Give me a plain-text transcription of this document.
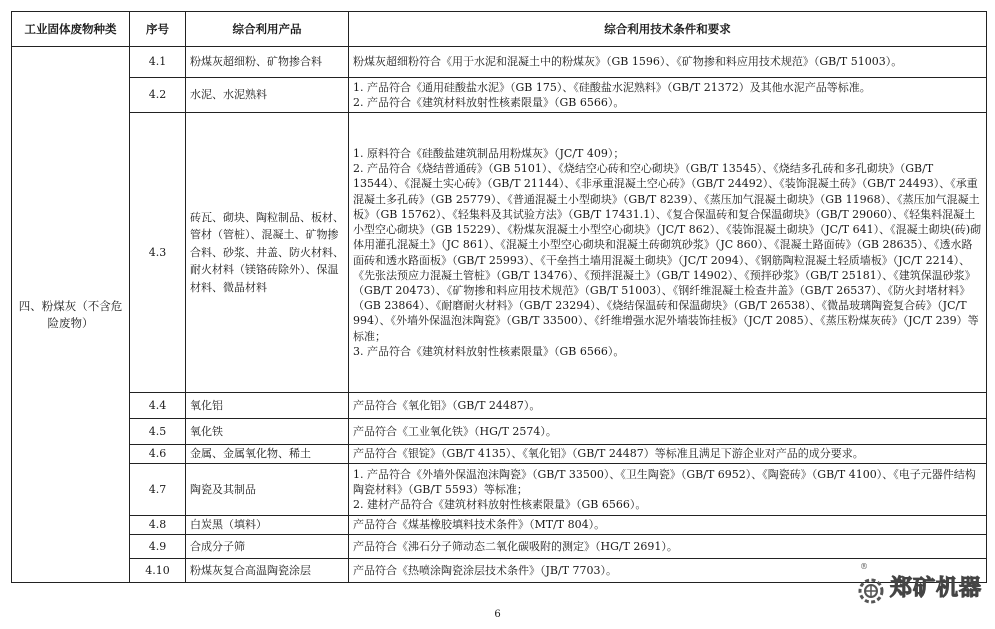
工业固体废物种类	序号	综合利用产品	综合利用技术条件和要求
四、粉煤灰（不含危险废物）	4.1	粉煤灰超细粉、矿物掺合料	粉煤灰超细粉符合《用于水泥和混凝土中的粉煤灰》（GB 1596）、《矿物掺和料应用技术规范》（GB/T 51003）。

	4.2	水泥、水泥熟料	1. 产品符合《通用硅酸盐水泥》（GB 175）、《硅酸盐水泥熟料》（GB/T 21372）及其他水泥产品等标准。
2. 产品符合《建筑材料放射性核素限量》（GB 6566）。

	4.3	砖瓦、砌块、陶粒制品、板材、管材（管桩）、混凝土、矿物掺合料、砂浆、井盖、防火材料、耐火材料（镁铬砖除外）、保温材料、微晶材料	1. 原料符合《硅酸盐建筑制品用粉煤灰》（JC/T 409）；
2. 产品符合《烧结普通砖》（GB 5101）、《烧结空心砖和空心砌块》（GB/T 13545）、《烧结多孔砖和多孔砌块》（GB/T 13544）、《混凝土实心砖》（GB/T 21144）、《非承重混凝土空心砖》（GB/T 24492）、《装饰混凝土砖》（GB/T 24493）、《承重混凝土多孔砖》（GB 25779）、《普通混凝土小型砌块》（GB/T 8239）、《蒸压加气混凝土砌块》（GB 11968）、《蒸压加气混凝土板》（GB 15762）、《轻集料及其试验方法》（GB/T 17431.1）、《复合保温砖和复合保温砌块》（GB/T 29060）、《轻集料混凝土小型空心砌块》（GB 15229）、《粉煤灰混凝土小型空心砌块》（JC/T 862）、《装饰混凝土砌块》（JC/T 641）、《混凝土砌块(砖)砌体用灌孔混凝土》（JC 861）、《混凝土小型空心砌块和混凝土砖砌筑砂浆》（JC 860）、《混凝土路面砖》（GB 28635）、《透水路面砖和透水路面板》（GB/T 25993）、《干垒挡土墙用混凝土砌块》（JC/T 2094）、《钢筋陶粒混凝土轻质墙板》（JC/T 2214）、《先张法预应力混凝土管桩》（GB/T 13476）、《预拌混凝土》（GB/T 14902）、《预拌砂浆》（GB/T 25181）、《建筑保温砂浆》（GB/T 20473）、《矿物掺和料应用技术规范》（GB/T 51003）、《钢纤维混凝土检查井盖》（GB/T 26537）、《防火封堵材料》（GB 23864）、《耐磨耐火材料》（GB/T 23294）、《烧结保温砖和保温砌块》（GB/T 26538）、《微晶玻璃陶瓷复合砖》（JC/T 994）、《外墙外保温泡沫陶瓷》（GB/T 33500）、《纤维增强水泥外墙装饰挂板》（JC/T 2085）、《蒸压粉煤灰砖》（JC/T 239）等标准；
3. 产品符合《建筑材料放射性核素限量》（GB 6566）。

	4.4	氧化铝	产品符合《氧化铝》（GB/T 24487）。

	4.5	氧化铁	产品符合《工业氧化铁》（HG/T 2574）。

	4.6	金属、金属氧化物、稀土	产品符合《银锭》（GB/T 4135）、《氧化铝》（GB/T 24487）等标准且满足下游企业对产品的成分要求。

	4.7	陶瓷及其制品	1. 产品符合《外墙外保温泡沫陶瓷》（GB/T 33500）、《卫生陶瓷》（GB/T 6952）、《陶瓷砖》（GB/T 4100）、《电子元器件结构陶瓷材料》（GB/T 5593）等标准；
2. 建材产品符合《建筑材料放射性核素限量》（GB 6566）。

	4.8	白炭黑（填料）	产品符合《煤基橡胶填料技术条件》（MT/T 804）。

	4.9	合成分子筛	产品符合《沸石分子筛动态二氧化碳吸附的测定》（HG/T 2691）。

	4.10	粉煤灰复合高温陶瓷涂层	产品符合《热喷涂陶瓷涂层技术条件》（JB/T 7703）。
6
®
郑矿机器
